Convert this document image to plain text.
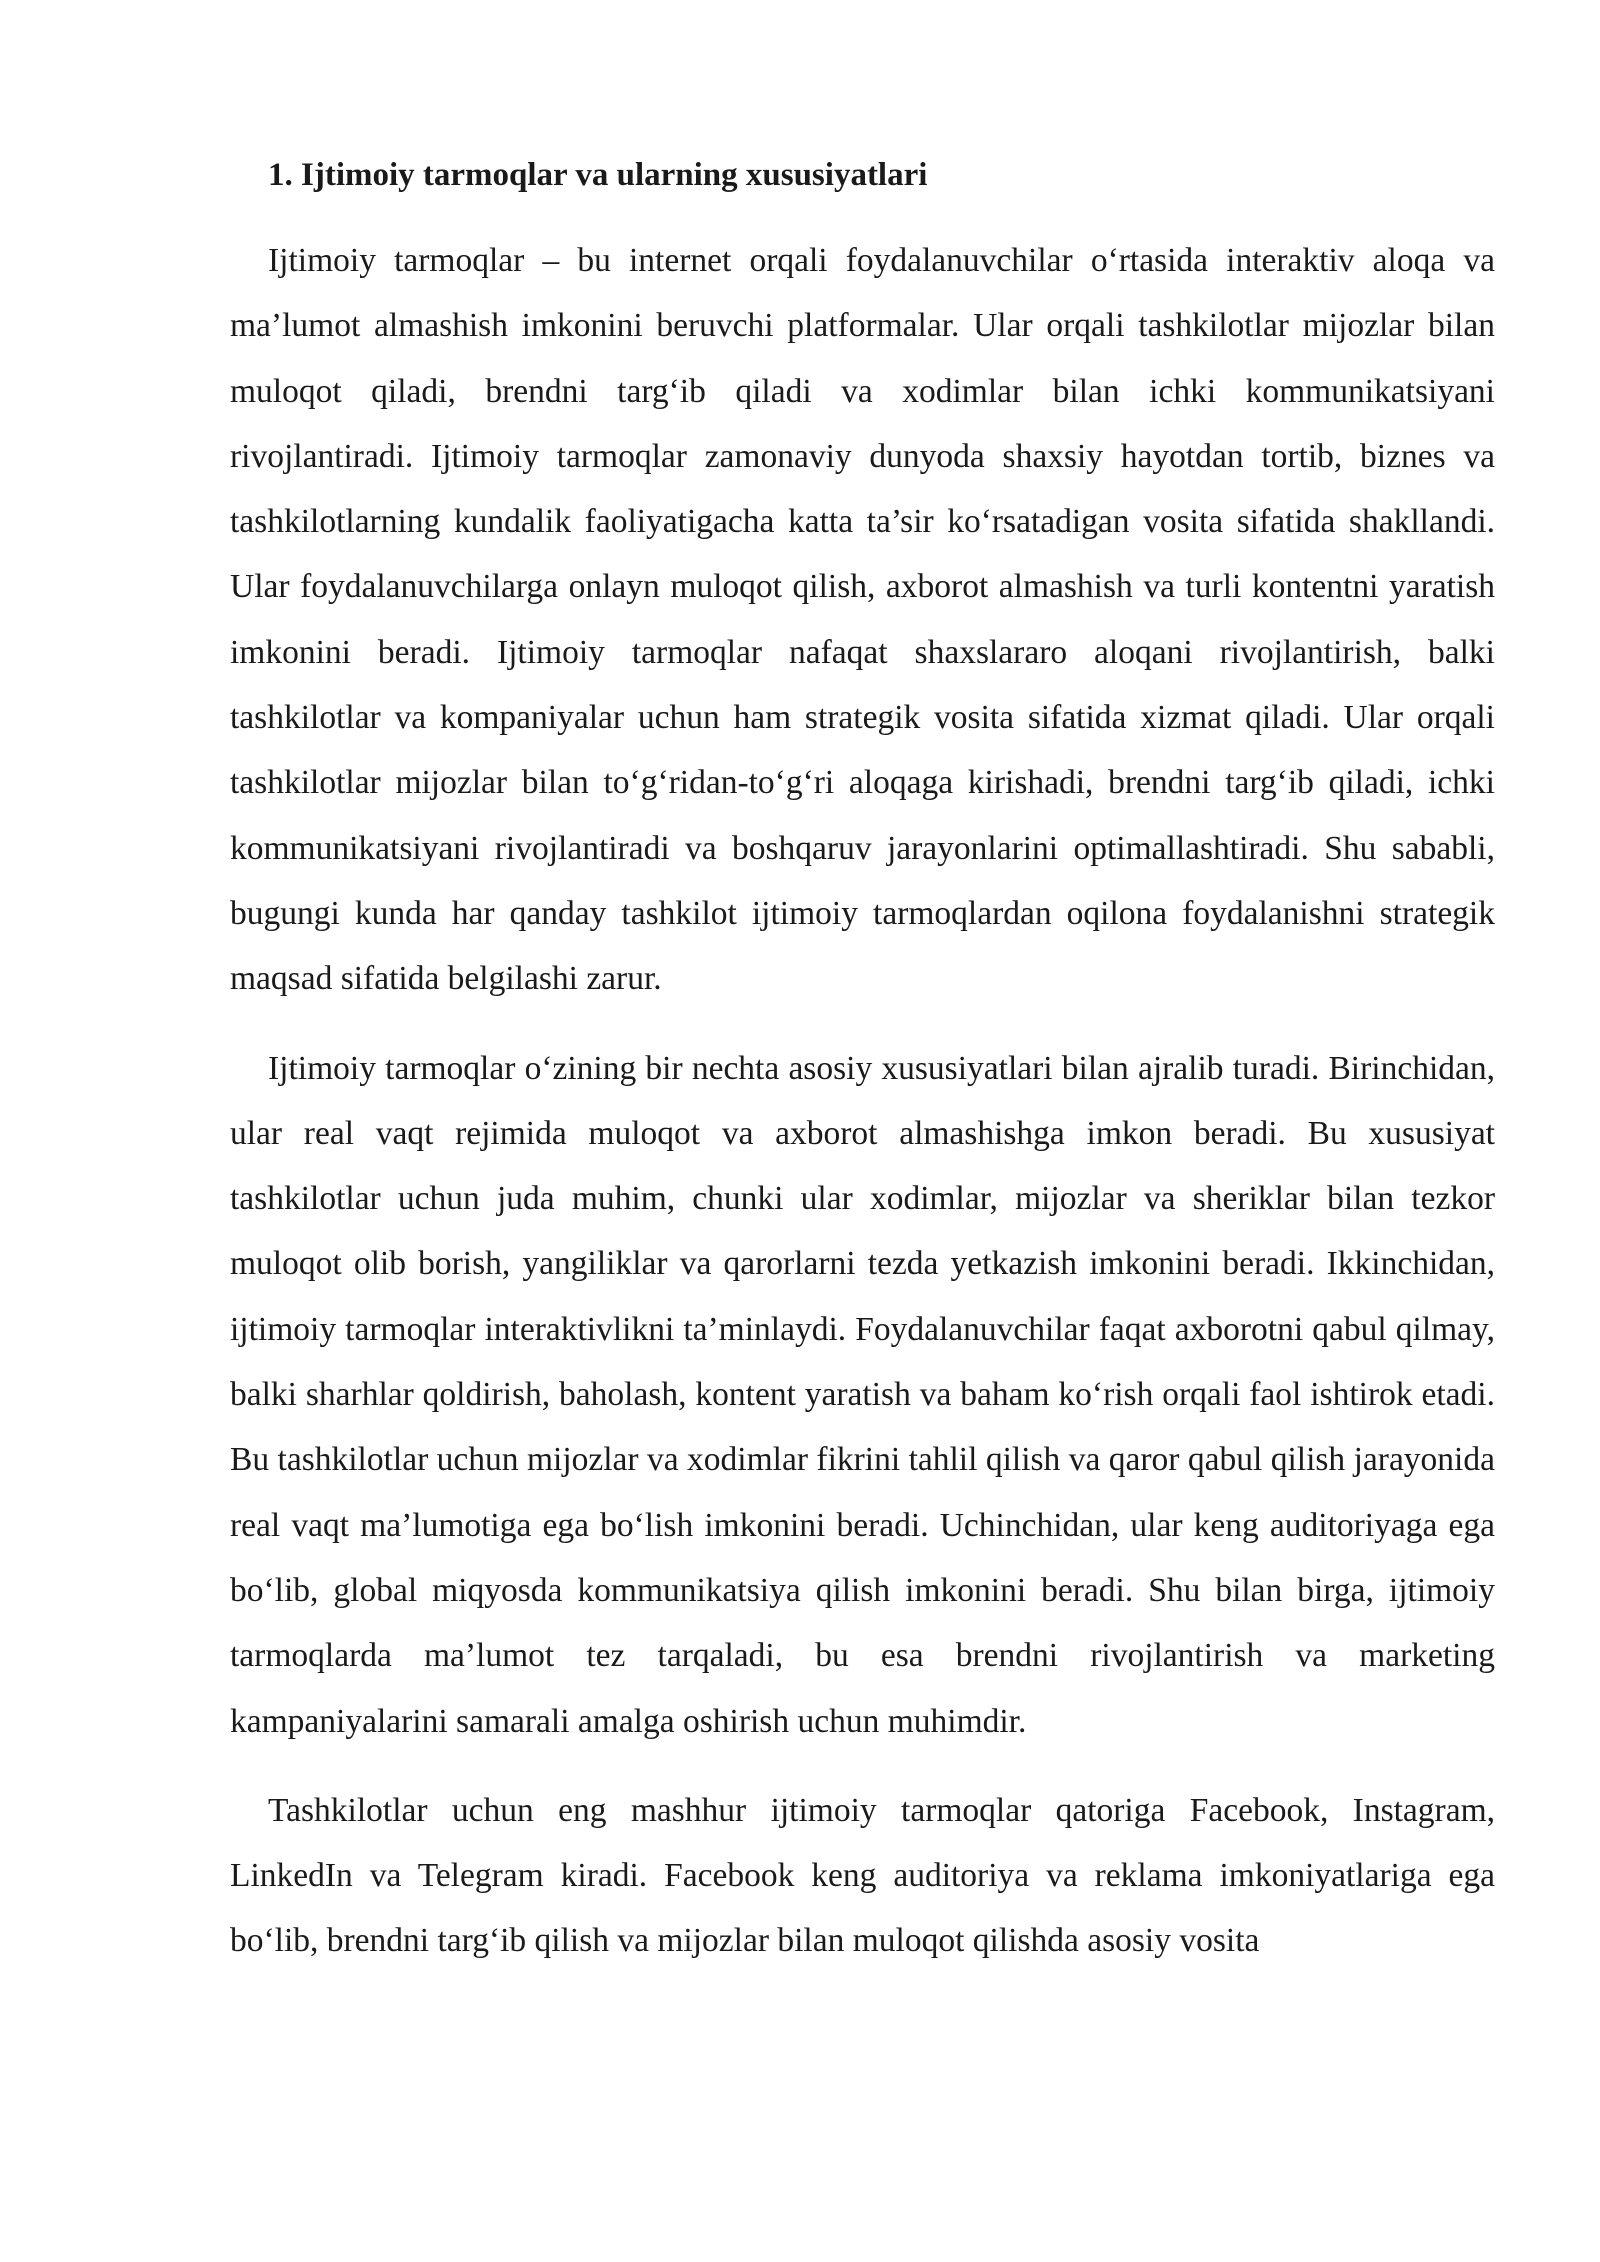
1. Ijtimoiy tarmoqlar va ularning xususiyatlari

Ijtimoiy tarmoqlar – bu internet orqali foydalanuvchilar o‘rtasida interaktiv aloqa va ma’lumot almashish imkonini beruvchi platformalar. Ular orqali tashkilotlar mijozlar bilan muloqot qiladi, brendni targ‘ib qiladi va xodimlar bilan ichki kommunikatsiyani rivojlantiradi. Ijtimoiy tarmoqlar zamonaviy dunyoda shaxsiy hayotdan tortib, biznes va tashkilotlarning kundalik faoliyatigacha katta ta’sir ko‘rsatadigan vosita sifatida shakllandi. Ular foydalanuvchilarga onlayn muloqot qilish, axborot almashish va turli kontentni yaratish imkonini beradi. Ijtimoiy tarmoqlar nafaqat shaxslararo aloqani rivojlantirish, balki tashkilotlar va kompaniyalar uchun ham strategik vosita sifatida xizmat qiladi. Ular orqali tashkilotlar mijozlar bilan to‘g‘ridan-to‘g‘ri aloqaga kirishadi, brendni targ‘ib qiladi, ichki kommunikatsiyani rivojlantiradi va boshqaruv jarayonlarini optimallashtiradi. Shu sababli, bugungi kunda har qanday tashkilot ijtimoiy tarmoqlardan oqilona foydalanishni strategik maqsad sifatida belgilashi zarur.

Ijtimoiy tarmoqlar o‘zining bir nechta asosiy xususiyatlari bilan ajralib turadi. Birinchidan, ular real vaqt rejimida muloqot va axborot almashishga imkon beradi. Bu xususiyat tashkilotlar uchun juda muhim, chunki ular xodimlar, mijozlar va sheriklar bilan tezkor muloqot olib borish, yangiliklar va qarorlarni tezda yetkazish imkonini beradi. Ikkinchidan, ijtimoiy tarmoqlar interaktivlikni ta’minlaydi. Foydalanuvchilar faqat axborotni qabul qilmay, balki sharhlar qoldirish, baholash, kontent yaratish va baham ko‘rish orqali faol ishtirok etadi. Bu tashkilotlar uchun mijozlar va xodimlar fikrini tahlil qilish va qaror qabul qilish jarayonida real vaqt ma’lumotiga ega bo‘lish imkonini beradi. Uchinchidan, ular keng auditoriyaga ega bo‘lib, global miqyosda kommunikatsiya qilish imkonini beradi. Shu bilan birga, ijtimoiy tarmoqlarda ma’lumot tez tarqaladi, bu esa brendni rivojlantirish va marketing kampaniyalarini samarali amalga oshirish uchun muhimdir.

Tashkilotlar uchun eng mashhur ijtimoiy tarmoqlar qatoriga Facebook, Instagram, LinkedIn va Telegram kiradi. Facebook keng auditoriya va reklama imkoniyatlariga ega bo‘lib, brendni targ‘ib qilish va mijozlar bilan muloqot qilishda asosiy vosita
